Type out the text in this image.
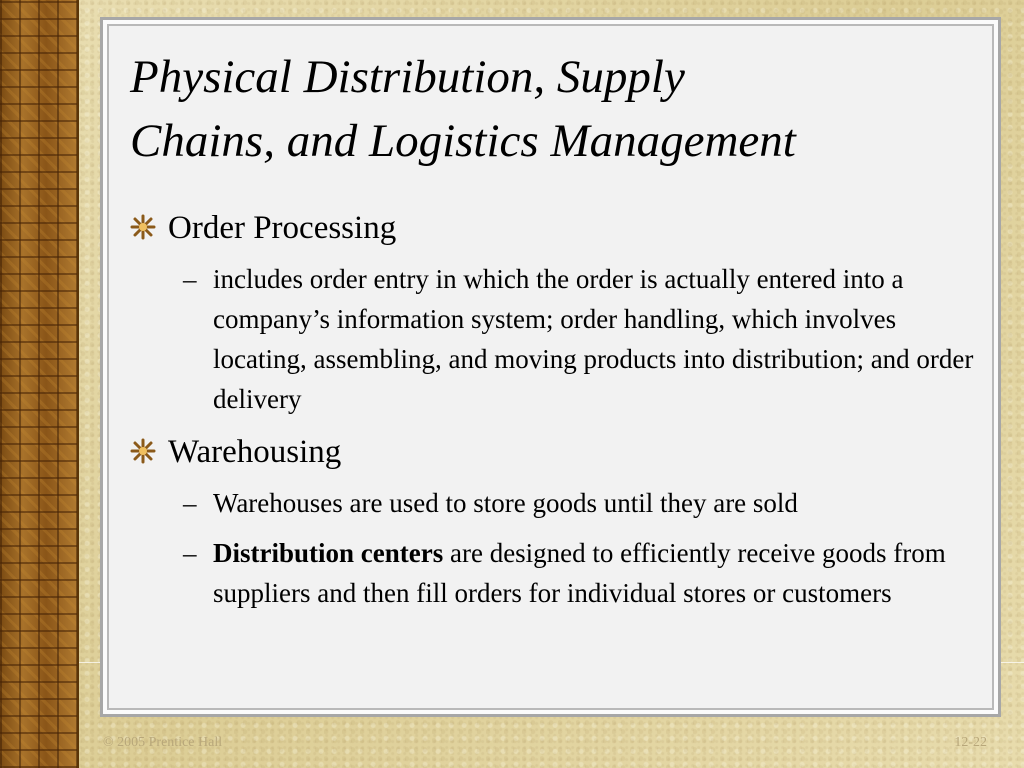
Physical Distribution, Supply
Chains, and Logistics Management
Order Processing
– includes order entry in which the order is actually entered into a company’s information system; order handling, which involves locating, assembling, and moving products into distribution; and order delivery
Warehousing
– Warehouses are used to store goods until they are sold
– Distribution centers are designed to efficiently receive goods from suppliers and then fill orders for individual stores or customers
© 2005 Prentice Hall	12-22
